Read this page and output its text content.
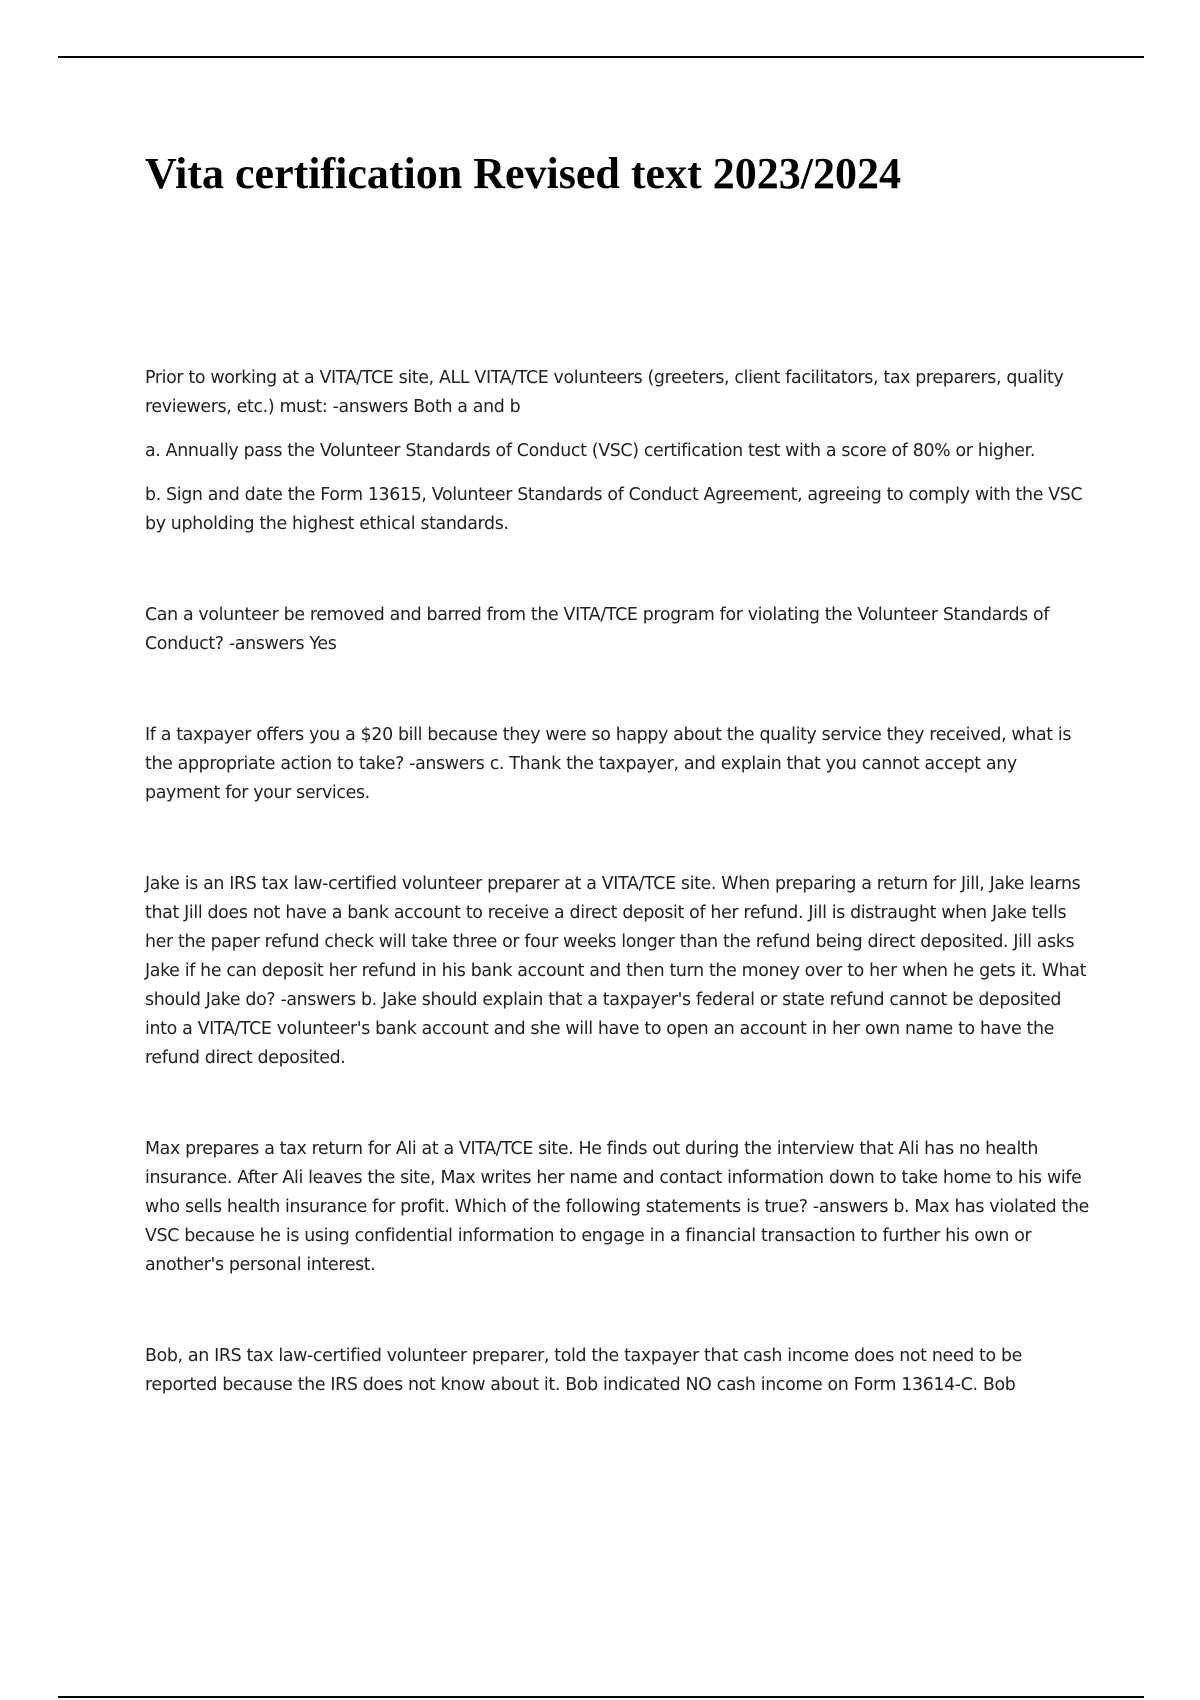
Vita certification Revised text 2023/2024

Prior to working at a VITA/TCE site, ALL VITA/TCE volunteers (greeters, client facilitators, tax preparers, quality reviewers, etc.) must: -answers Both a and b

a. Annually pass the Volunteer Standards of Conduct (VSC) certification test with a score of 80% or higher.

b. Sign and date the Form 13615, Volunteer Standards of Conduct Agreement, agreeing to comply with the VSC by upholding the highest ethical standards.

Can a volunteer be removed and barred from the VITA/TCE program for violating the Volunteer Standards of Conduct? -answers Yes

If a taxpayer offers you a $20 bill because they were so happy about the quality service they received, what is the appropriate action to take? -answers c. Thank the taxpayer, and explain that you cannot accept any payment for your services.

Jake is an IRS tax law-certified volunteer preparer at a VITA/TCE site. When preparing a return for Jill, Jake learns that Jill does not have a bank account to receive a direct deposit of her refund. Jill is distraught when Jake tells her the paper refund check will take three or four weeks longer than the refund being direct deposited. Jill asks Jake if he can deposit her refund in his bank account and then turn the money over to her when he gets it. What should Jake do? -answers b. Jake should explain that a taxpayer's federal or state refund cannot be deposited into a VITA/TCE volunteer's bank account and she will have to open an account in her own name to have the refund direct deposited.

Max prepares a tax return for Ali at a VITA/TCE site. He finds out during the interview that Ali has no health insurance. After Ali leaves the site, Max writes her name and contact information down to take home to his wife who sells health insurance for profit. Which of the following statements is true? -answers b. Max has violated the VSC because he is using confidential information to engage in a financial transaction to further his own or another's personal interest.

Bob, an IRS tax law-certified volunteer preparer, told the taxpayer that cash income does not need to be reported because the IRS does not know about it. Bob indicated NO cash income on Form 13614-C. Bob
